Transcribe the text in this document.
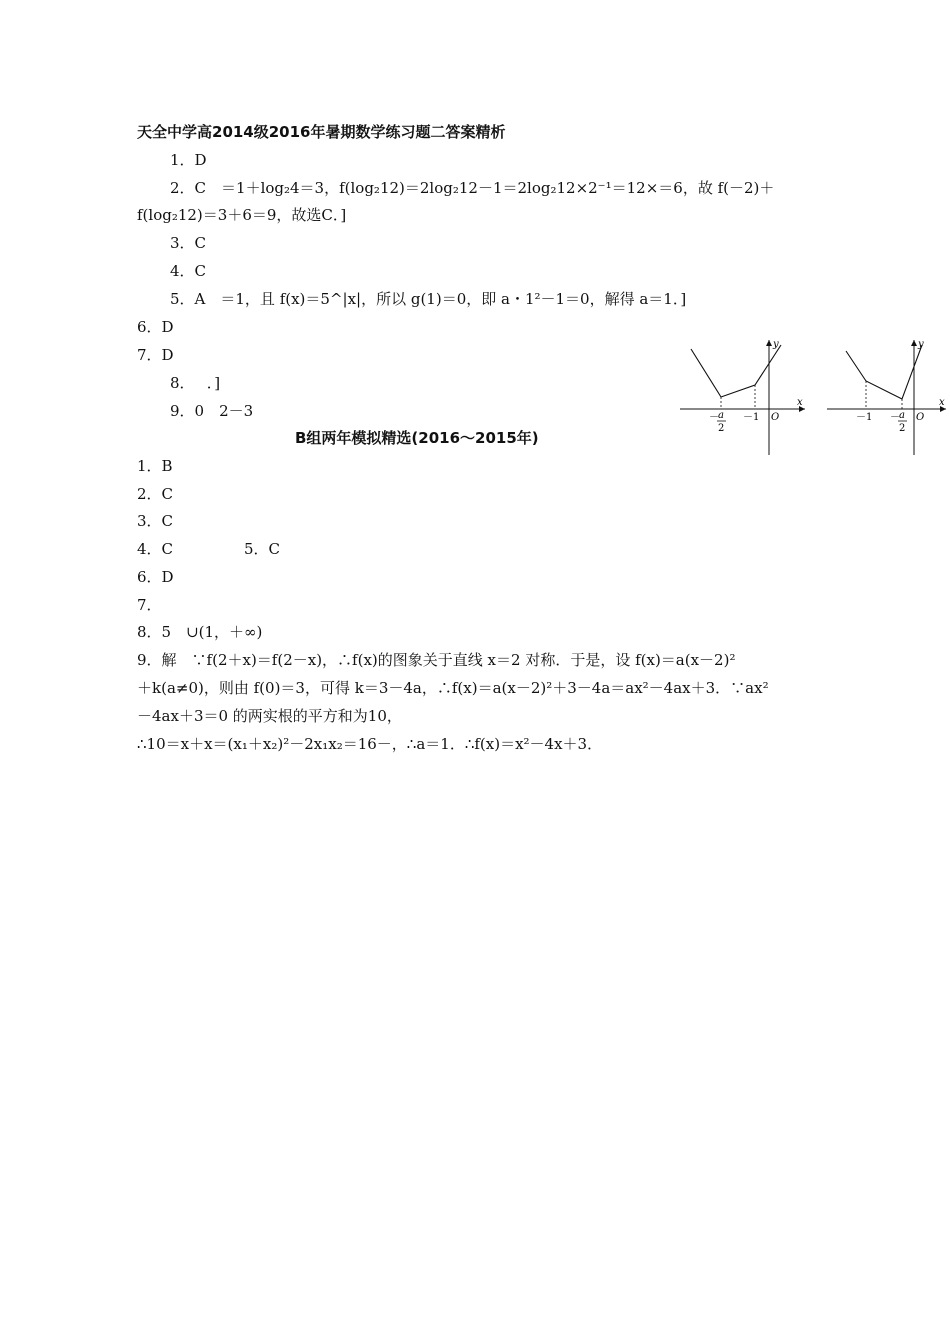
天全中学高2014级2016年暑期数学练习题二答案精析
1．D
2．C　＝1＋log₂4＝3，f(log₂12)＝2log₂12－1＝2log₂12×2⁻¹＝12×＝6，故 f(－2)＋
f(log₂12)＝3＋6＝9，故选C．]
3．C
4．C
5．A　＝1，且 f(x)＝5^|x|，所以 g(1)＝0，即 a・1²－1＝0，解得 a＝1．]
6．D
7．D
8．　 ．]
9．0　2－3
B组两年模拟精选(2016～2015年)
1．B
2．C
3．C
4．C	5．C
6．D
7．
8．5　∪(1，＋∞)
9．解　∵f(2＋x)＝f(2－x)，∴f(x)的图象关于直线 x＝2 对称．于是，设 f(x)＝a(x－2)²
＋k(a≠0)，则由 f(0)＝3，可得 k＝3－4a，∴f(x)＝a(x－2)²＋3－4a＝ax²－4ax＋3．∵ax²
－4ax＋3＝0 的两实根的平方和为10，
∴10＝x＋x＝(x₁＋x₂)²－2x₁x₂＝16－，∴a＝1．∴f(x)＝x²－4x＋3．
x
y
O
－ a
2
－1
x
y
O
－1 － a
2
